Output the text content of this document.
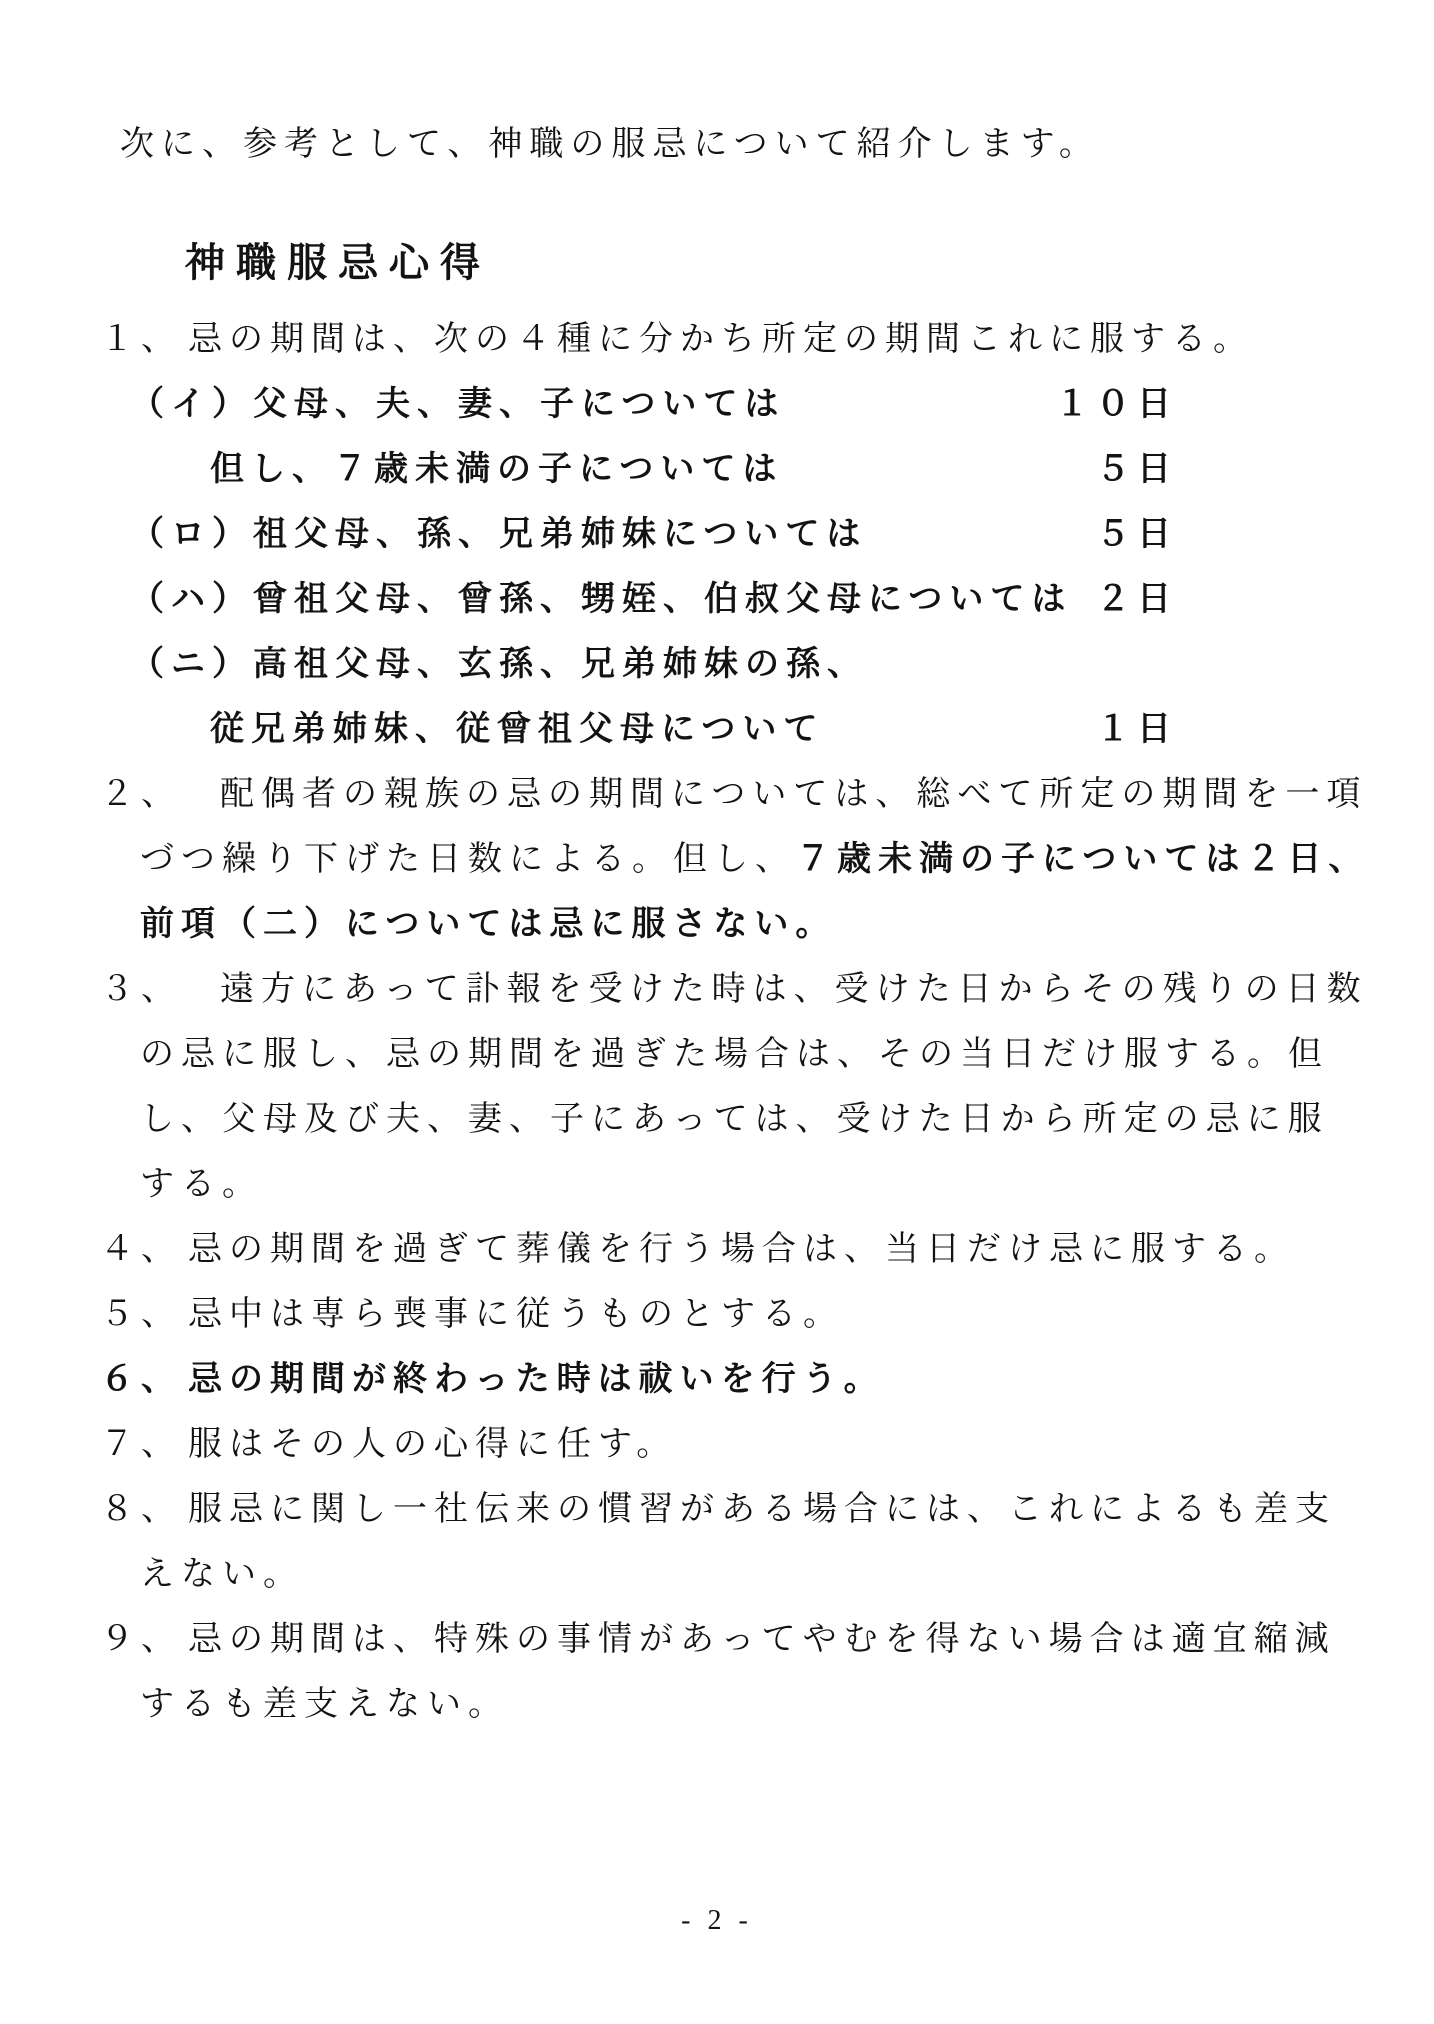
次に、参考として、神職の服忌について紹介します。

神職服忌心得
１、 忌の期間は、次の４種に分かち所定の期間これに服する。
（イ）父母、夫、妻、子については	１０日
但し、７歳未満の子については	５日
（ロ）祖父母、孫、兄弟姉妹については	５日
（ハ）曾祖父母、曾孫、甥姪、伯叔父母については ２日
（ニ）高祖父母、玄孫、兄弟姉妹の孫、
従兄弟姉妹、従曾祖父母について	１日
２、	配偶者の親族の忌の期間については、総べて所定の期間を一項
づつ繰り下げた日数による。但し、 ７歳未満の子については２日、
前項（二）については忌に服さない。
３、	遠方にあって訃報を受けた時は、受けた日からその残りの日数
の忌に服し、忌の期間を過ぎた場合は、その当日だけ服する。但
し、父母及び夫、妻、子にあっては、受けた日から所定の忌に服
する。
４、 忌の期間を過ぎて葬儀を行う場合は、当日だけ忌に服する。
５、 忌中は専ら喪事に従うものとする。
６、 忌の期間が終わった時は祓いを行う。
７、 服はその人の心得に任す。
８、 服忌に関し一社伝来の慣習がある場合には、これによるも差支
えない。
９、 忌の期間は、特殊の事情があってやむを得ない場合は適宜縮減
するも差支えない。
- 2 -
